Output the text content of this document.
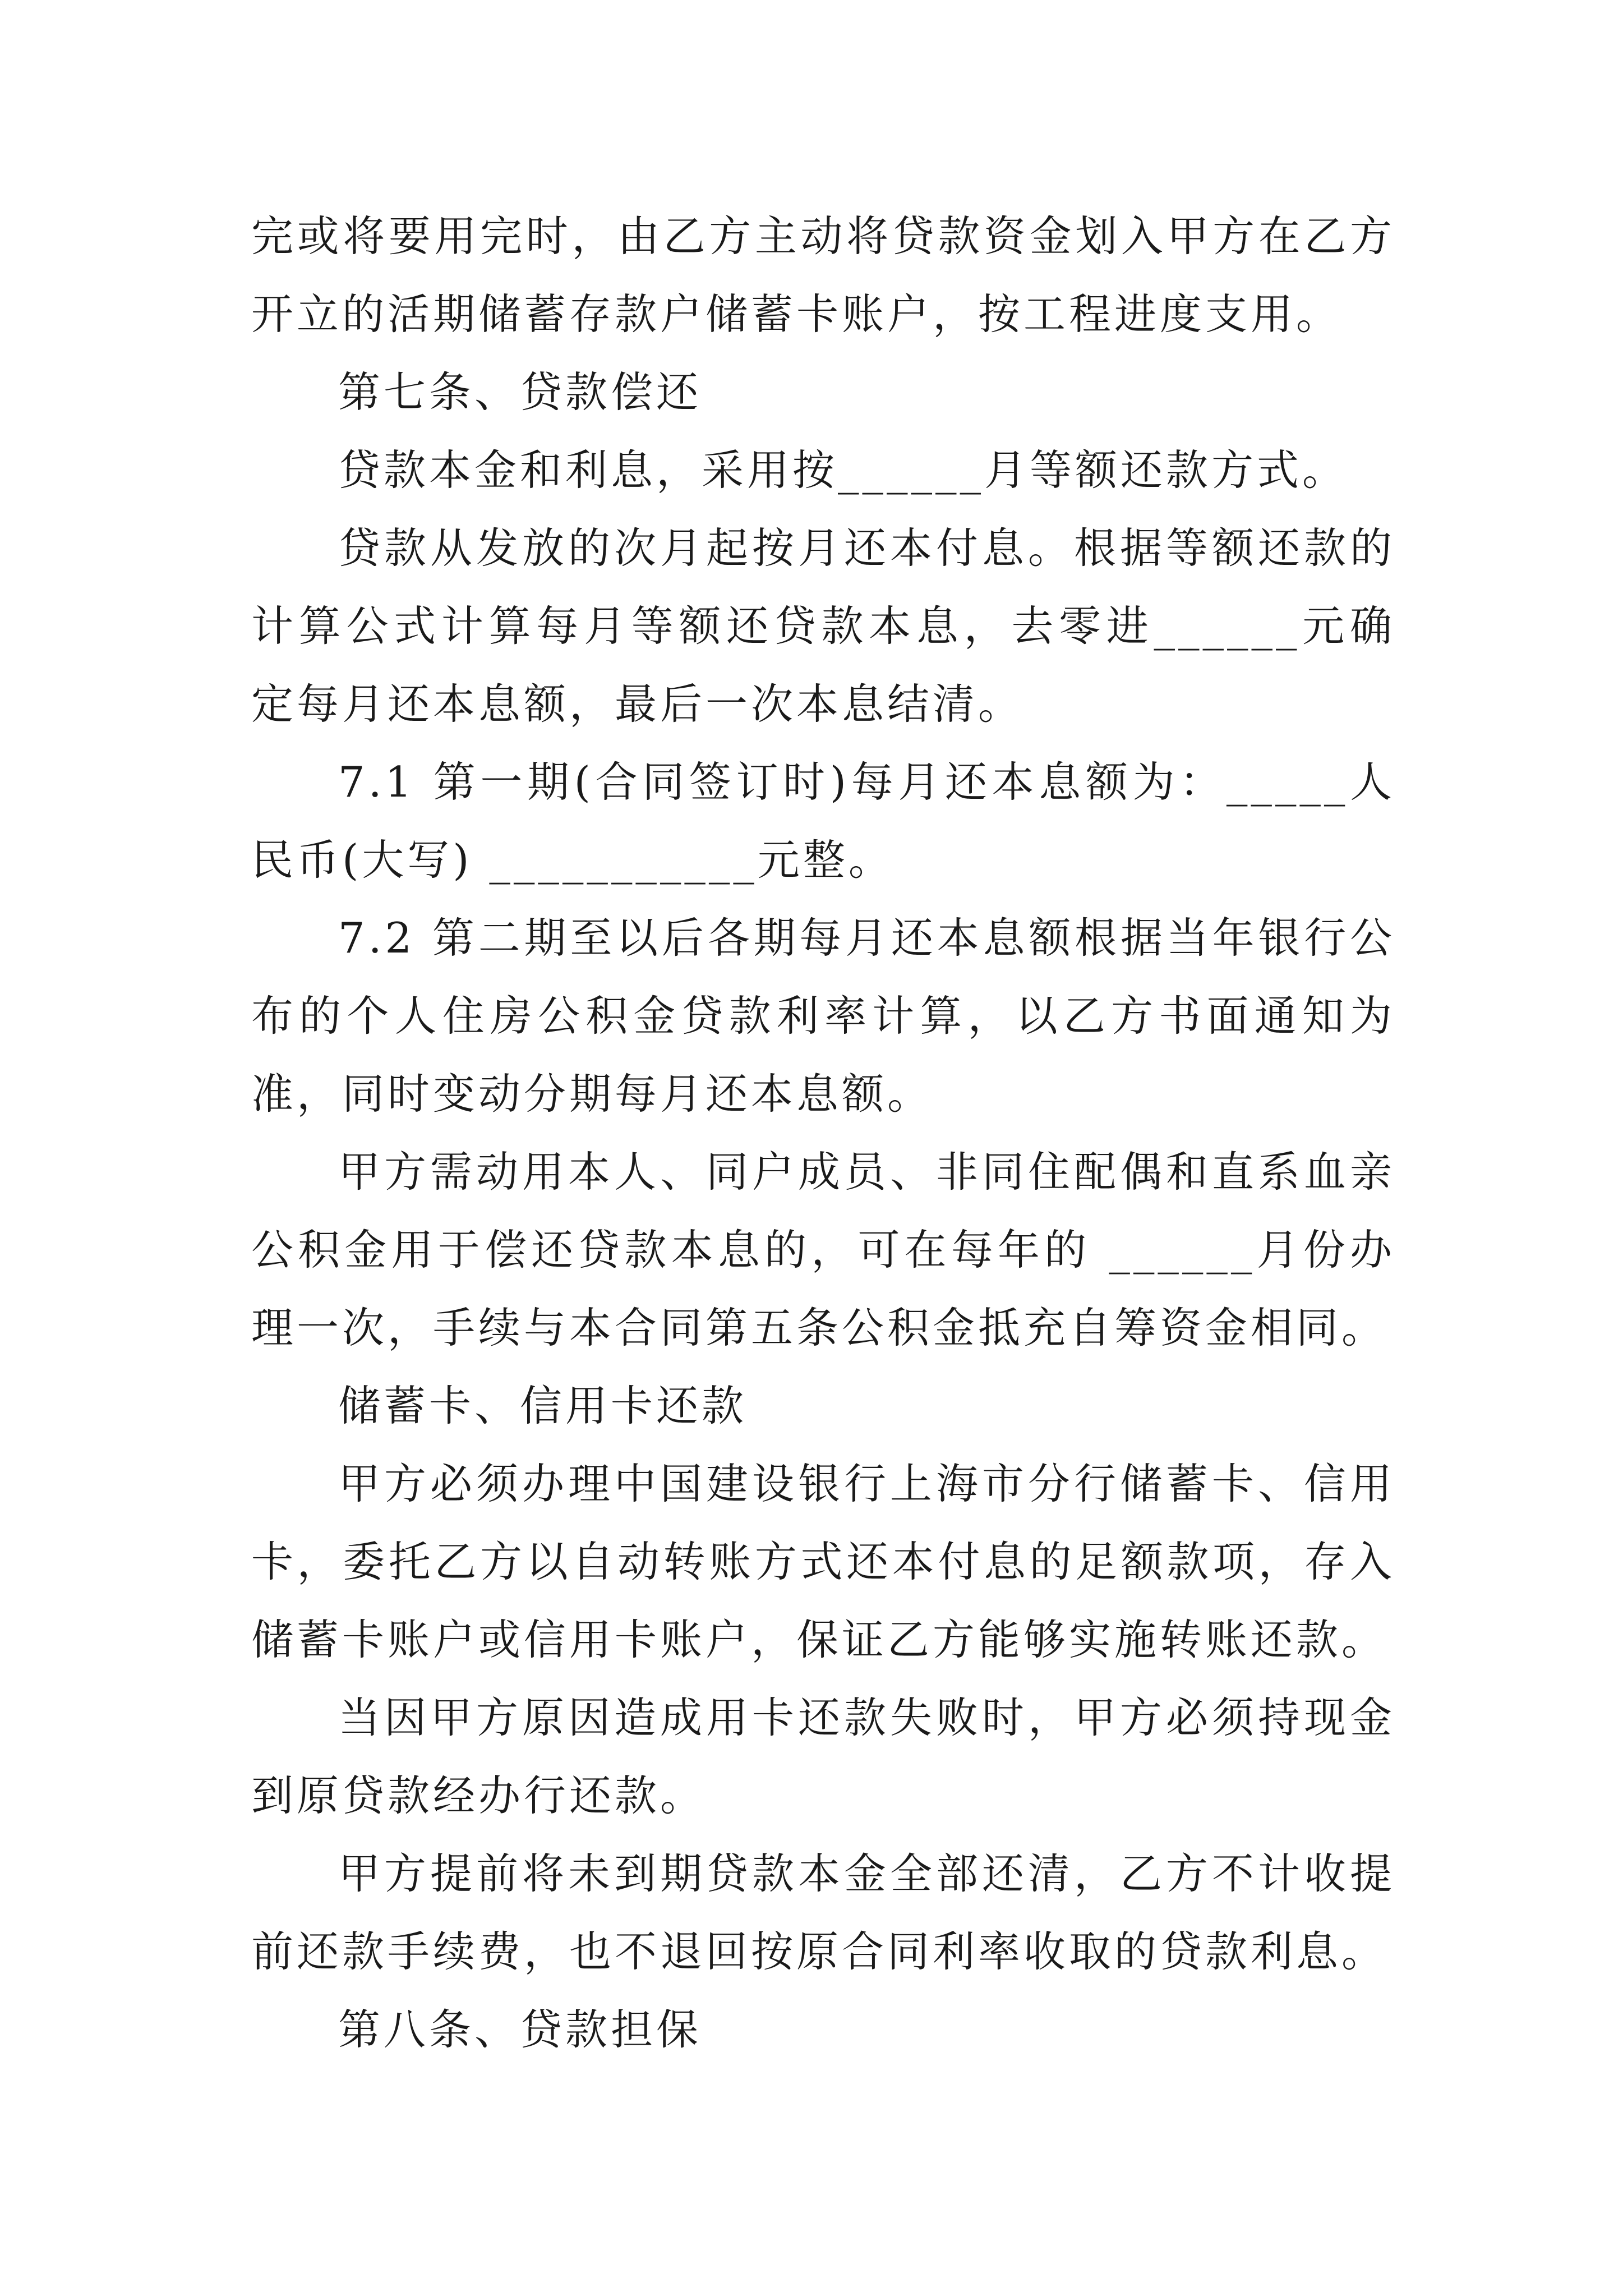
完或将要用完时，由乙方主动将贷款资金划入甲方在乙方开立的活期储蓄存款户储蓄卡账户，按工程进度支用。

第七条、贷款偿还

贷款本金和利息，采用按______月等额还款方式。

贷款从发放的次月起按月还本付息。根据等额还款的计算公式计算每月等额还贷款本息，去零进______元确定每月还本息额，最后一次本息结清。

7.1 第一期(合同签订时)每月还本息额为：_____人民币(大写) ___________元整。

7.2 第二期至以后各期每月还本息额根据当年银行公布的个人住房公积金贷款利率计算，以乙方书面通知为准，同时变动分期每月还本息额。

甲方需动用本人、同户成员、非同住配偶和直系血亲公积金用于偿还贷款本息的，可在每年的 ______月份办理一次，手续与本合同第五条公积金抵充自筹资金相同。

储蓄卡、信用卡还款

甲方必须办理中国建设银行上海市分行储蓄卡、信用卡，委托乙方以自动转账方式还本付息的足额款项，存入储蓄卡账户或信用卡账户，保证乙方能够实施转账还款。

当因甲方原因造成用卡还款失败时，甲方必须持现金到原贷款经办行还款。

甲方提前将未到期贷款本金全部还清，乙方不计收提前还款手续费，也不退回按原合同利率收取的贷款利息。

第八条、贷款担保
